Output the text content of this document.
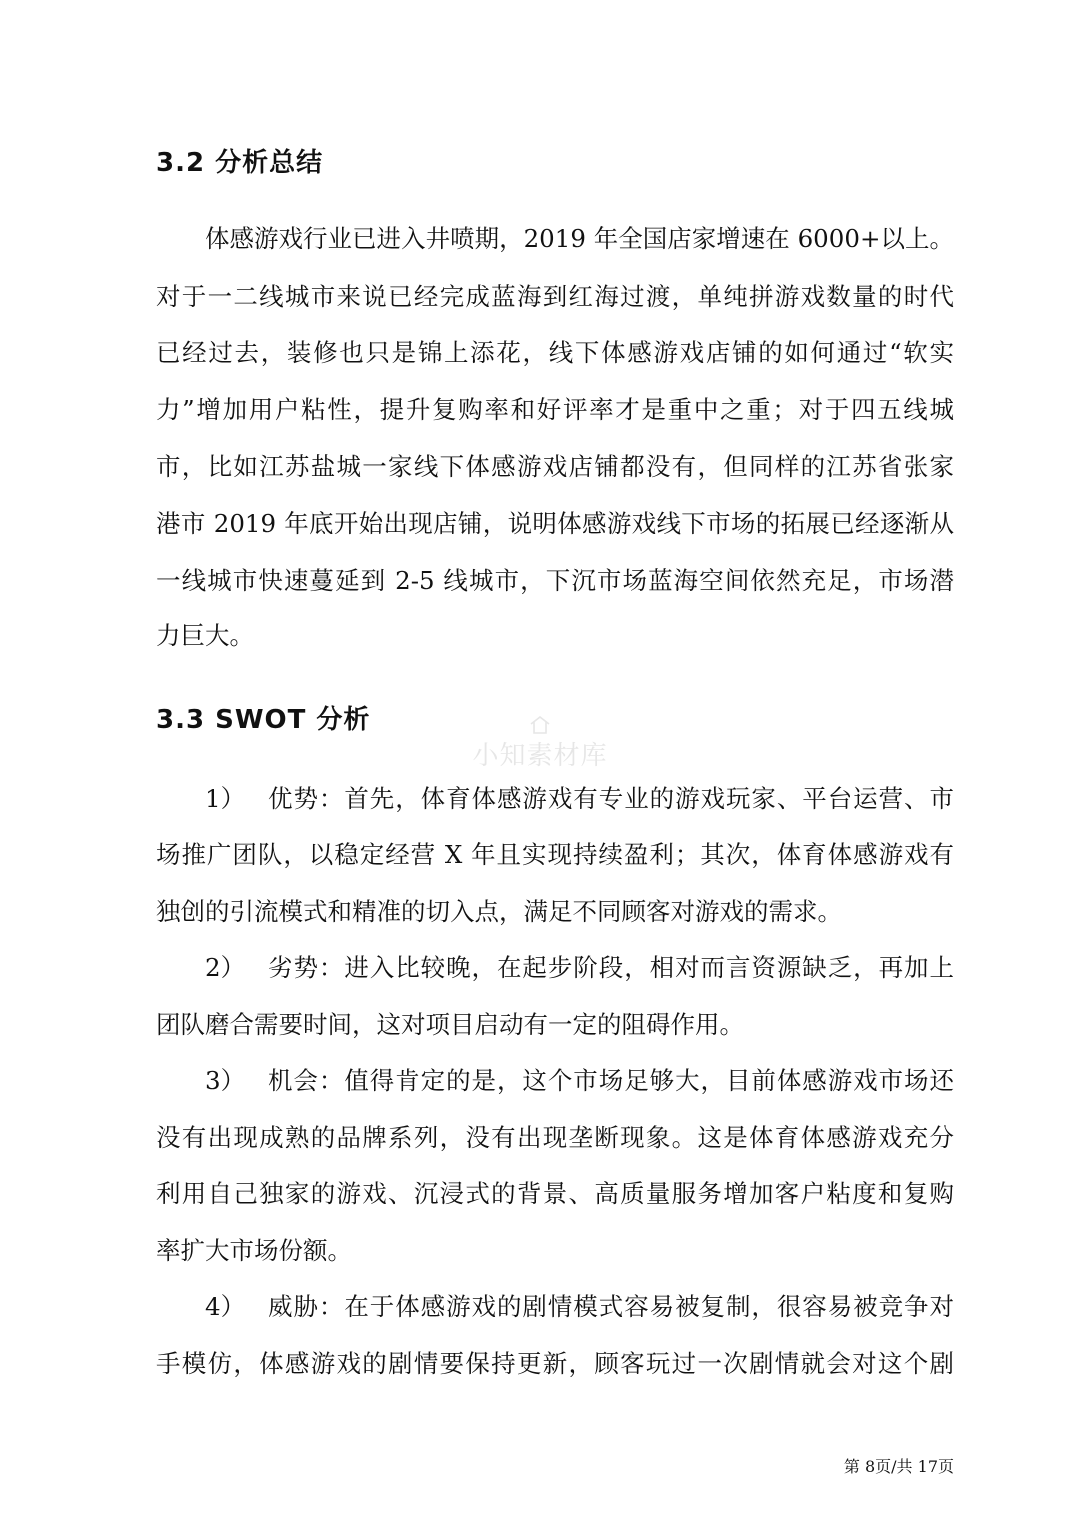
3.2 分析总结
体感游戏行业已进入井喷期，2019 年全国店家增速在 6000+以上。
对于一二线城市来说已经完成蓝海到红海过渡，单纯拼游戏数量的时代
已经过去，装修也只是锦上添花，线下体感游戏店铺的如何通过“软实
力”增加用户粘性，提升复购率和好评率才是重中之重；对于四五线城
市，比如江苏盐城一家线下体感游戏店铺都没有，但同样的江苏省张家
港市 2019 年底开始出现店铺，说明体感游戏线下市场的拓展已经逐渐从
一线城市快速蔓延到 2-5 线城市，下沉市场蓝海空间依然充足，市场潜
力巨大。
3.3 SWOT 分析
小知素材库
1） 优势：首先，体育体感游戏有专业的游戏玩家、平台运营、市
场推广团队，以稳定经营 X 年且实现持续盈利；其次，体育体感游戏有
独创的引流模式和精准的切入点，满足不同顾客对游戏的需求。
2） 劣势：进入比较晚，在起步阶段，相对而言资源缺乏，再加上
团队磨合需要时间，这对项目启动有一定的阻碍作用。
3） 机会：值得肯定的是，这个市场足够大，目前体感游戏市场还
没有出现成熟的品牌系列，没有出现垄断现象。这是体育体感游戏充分
利用自己独家的游戏、沉浸式的背景、高质量服务增加客户粘度和复购
率扩大市场份额。
4） 威胁：在于体感游戏的剧情模式容易被复制，很容易被竞争对
手模仿，体感游戏的剧情要保持更新，顾客玩过一次剧情就会对这个剧
第 8页/共 17页
